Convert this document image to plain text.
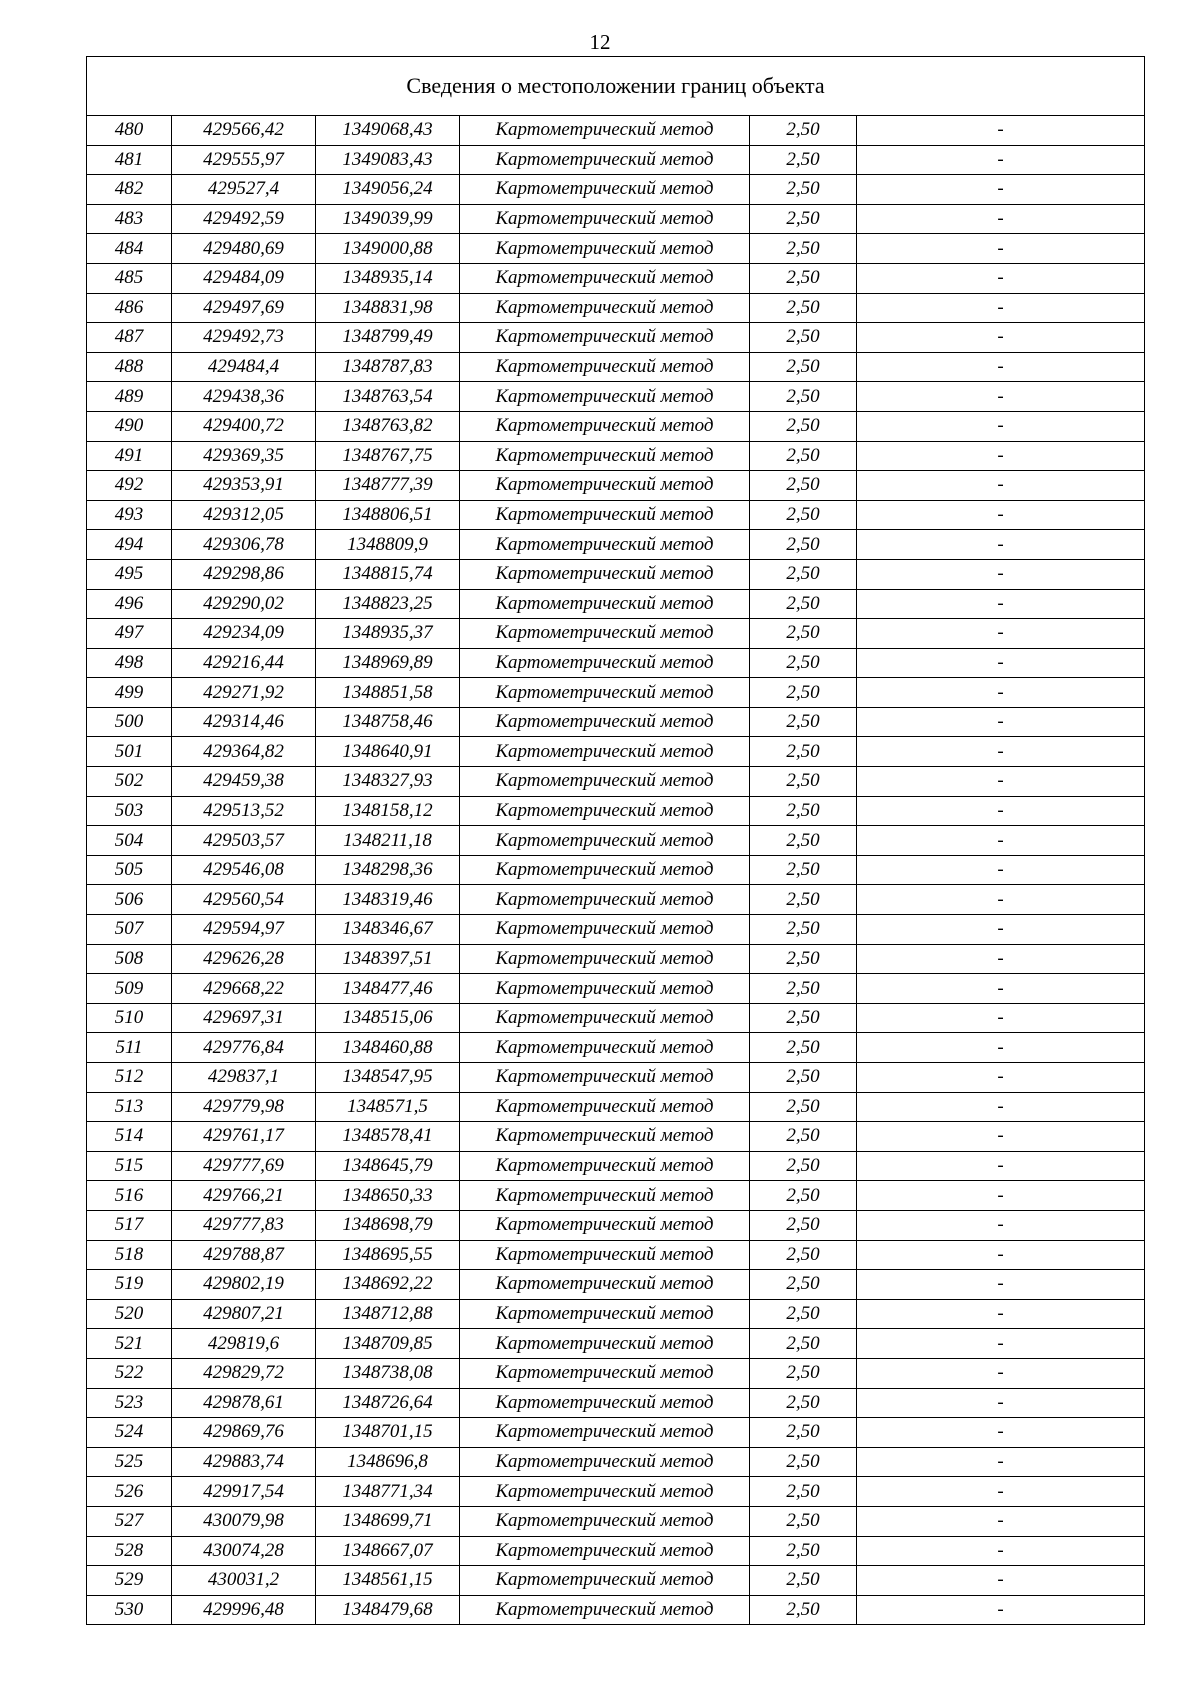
12
Сведения о местоположении границ объекта					
480	429566,42	1349068,43	Картометрический метод	2,50	-
481	429555,97	1349083,43	Картометрический метод	2,50	-
482	429527,4	1349056,24	Картометрический метод	2,50	-
483	429492,59	1349039,99	Картометрический метод	2,50	-
484	429480,69	1349000,88	Картометрический метод	2,50	-
485	429484,09	1348935,14	Картометрический метод	2,50	-
486	429497,69	1348831,98	Картометрический метод	2,50	-
487	429492,73	1348799,49	Картометрический метод	2,50	-
488	429484,4	1348787,83	Картометрический метод	2,50	-
489	429438,36	1348763,54	Картометрический метод	2,50	-
490	429400,72	1348763,82	Картометрический метод	2,50	-
491	429369,35	1348767,75	Картометрический метод	2,50	-
492	429353,91	1348777,39	Картометрический метод	2,50	-
493	429312,05	1348806,51	Картометрический метод	2,50	-
494	429306,78	1348809,9	Картометрический метод	2,50	-
495	429298,86	1348815,74	Картометрический метод	2,50	-
496	429290,02	1348823,25	Картометрический метод	2,50	-
497	429234,09	1348935,37	Картометрический метод	2,50	-
498	429216,44	1348969,89	Картометрический метод	2,50	-
499	429271,92	1348851,58	Картометрический метод	2,50	-
500	429314,46	1348758,46	Картометрический метод	2,50	-
501	429364,82	1348640,91	Картометрический метод	2,50	-
502	429459,38	1348327,93	Картометрический метод	2,50	-
503	429513,52	1348158,12	Картометрический метод	2,50	-
504	429503,57	1348211,18	Картометрический метод	2,50	-
505	429546,08	1348298,36	Картометрический метод	2,50	-
506	429560,54	1348319,46	Картометрический метод	2,50	-
507	429594,97	1348346,67	Картометрический метод	2,50	-
508	429626,28	1348397,51	Картометрический метод	2,50	-
509	429668,22	1348477,46	Картометрический метод	2,50	-
510	429697,31	1348515,06	Картометрический метод	2,50	-
511	429776,84	1348460,88	Картометрический метод	2,50	-
512	429837,1	1348547,95	Картометрический метод	2,50	-
513	429779,98	1348571,5	Картометрический метод	2,50	-
514	429761,17	1348578,41	Картометрический метод	2,50	-
515	429777,69	1348645,79	Картометрический метод	2,50	-
516	429766,21	1348650,33	Картометрический метод	2,50	-
517	429777,83	1348698,79	Картометрический метод	2,50	-
518	429788,87	1348695,55	Картометрический метод	2,50	-
519	429802,19	1348692,22	Картометрический метод	2,50	-
520	429807,21	1348712,88	Картометрический метод	2,50	-
521	429819,6	1348709,85	Картометрический метод	2,50	-
522	429829,72	1348738,08	Картометрический метод	2,50	-
523	429878,61	1348726,64	Картометрический метод	2,50	-
524	429869,76	1348701,15	Картометрический метод	2,50	-
525	429883,74	1348696,8	Картометрический метод	2,50	-
526	429917,54	1348771,34	Картометрический метод	2,50	-
527	430079,98	1348699,71	Картометрический метод	2,50	-
528	430074,28	1348667,07	Картометрический метод	2,50	-
529	430031,2	1348561,15	Картометрический метод	2,50	-
530	429996,48	1348479,68	Картометрический метод	2,50	-
